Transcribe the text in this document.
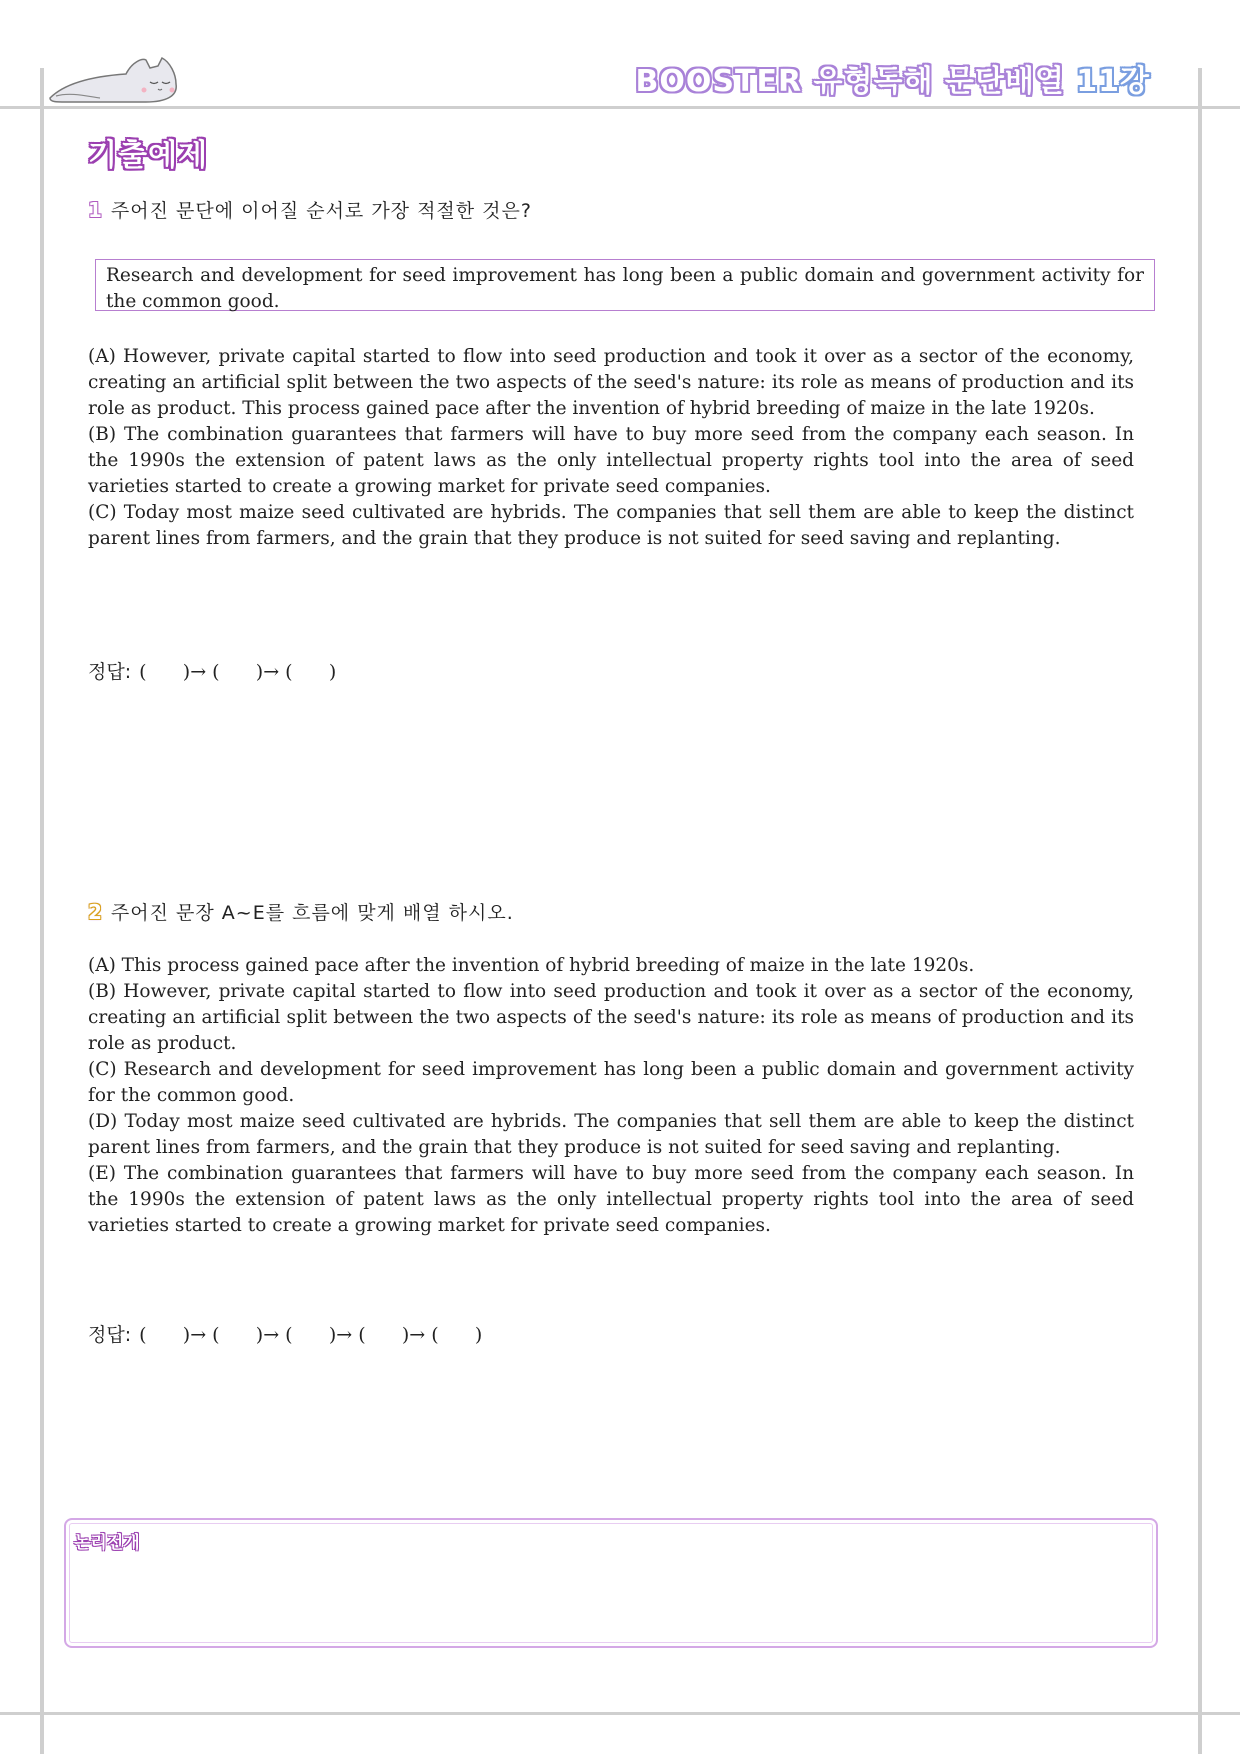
BOOSTER 유형독해 문단배열 11강
기출예제
1 주어진 문단에 이어질 순서로 가장 적절한 것은?
Research and development for seed improvement has long been a public domain and government activity for the common good.

(A) However, private capital started to flow into seed production and took it over as a sector of the economy, creating an artificial split between the two aspects of the seed's nature: its role as means of production and its role as product. This process gained pace after the invention of hybrid breeding of maize in the late 1920s.

(B) The combination guarantees that farmers will have to buy more seed from the company each season. In the 1990s the extension of patent laws as the only intellectual property rights tool into the area of seed varieties started to create a growing market for private seed companies.

(C) Today most maize seed cultivated are hybrids. The companies that sell them are able to keep the distinct parent lines from farmers, and the grain that they produce is not suited for seed saving and replanting.

정답: (      )→ (      )→ (      )
2 주어진 문장 A~E를 흐름에 맞게 배열 하시오.

(A) This process gained pace after the invention of hybrid breeding of maize in the late 1920s.

(B) However, private capital started to flow into seed production and took it over as a sector of the economy, creating an artificial split between the two aspects of the seed's nature: its role as means of production and its role as product.

(C) Research and development for seed improvement has long been a public domain and government activity for the common good.

(D) Today most maize seed cultivated are hybrids. The companies that sell them are able to keep the distinct parent lines from farmers, and the grain that they produce is not suited for seed saving and replanting.

(E) The combination guarantees that farmers will have to buy more seed from the company each season. In the 1990s the extension of patent laws as the only intellectual property rights tool into the area of seed varieties started to create a growing market for private seed companies.

정답: (      )→ (      )→ (      )→ (      )→ (      )
논리전개
